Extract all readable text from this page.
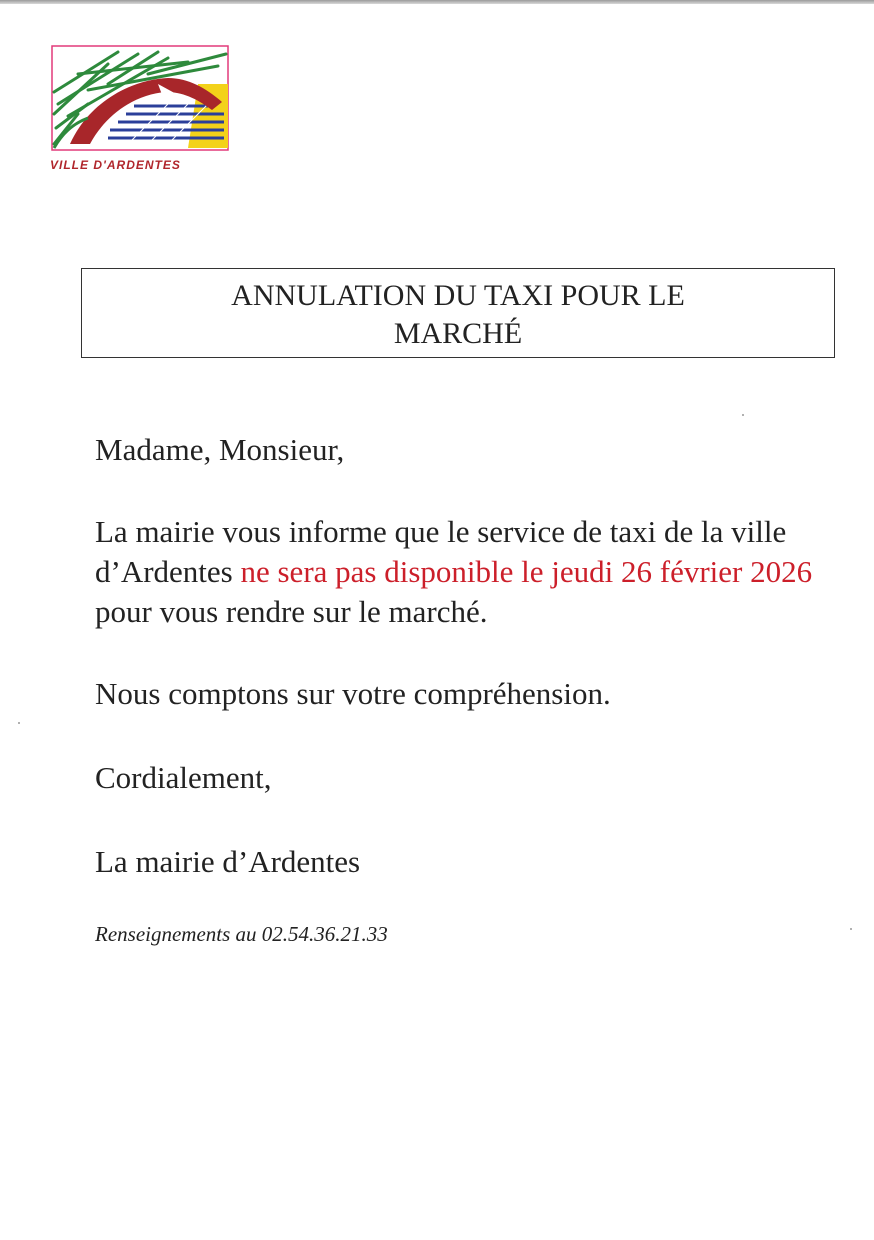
VILLE D'ARDENTES
ANNULATION DU TAXI POUR LE
MARCHÉ

Madame, Monsieur,

La mairie vous informe que le service de taxi de la ville d’Ardentes ne sera pas disponible le jeudi 26 février 2026 pour vous rendre sur le marché.

Nous comptons sur votre compréhension.

Cordialement,

La mairie d’Ardentes

Renseignements au 02.54.36.21.33
